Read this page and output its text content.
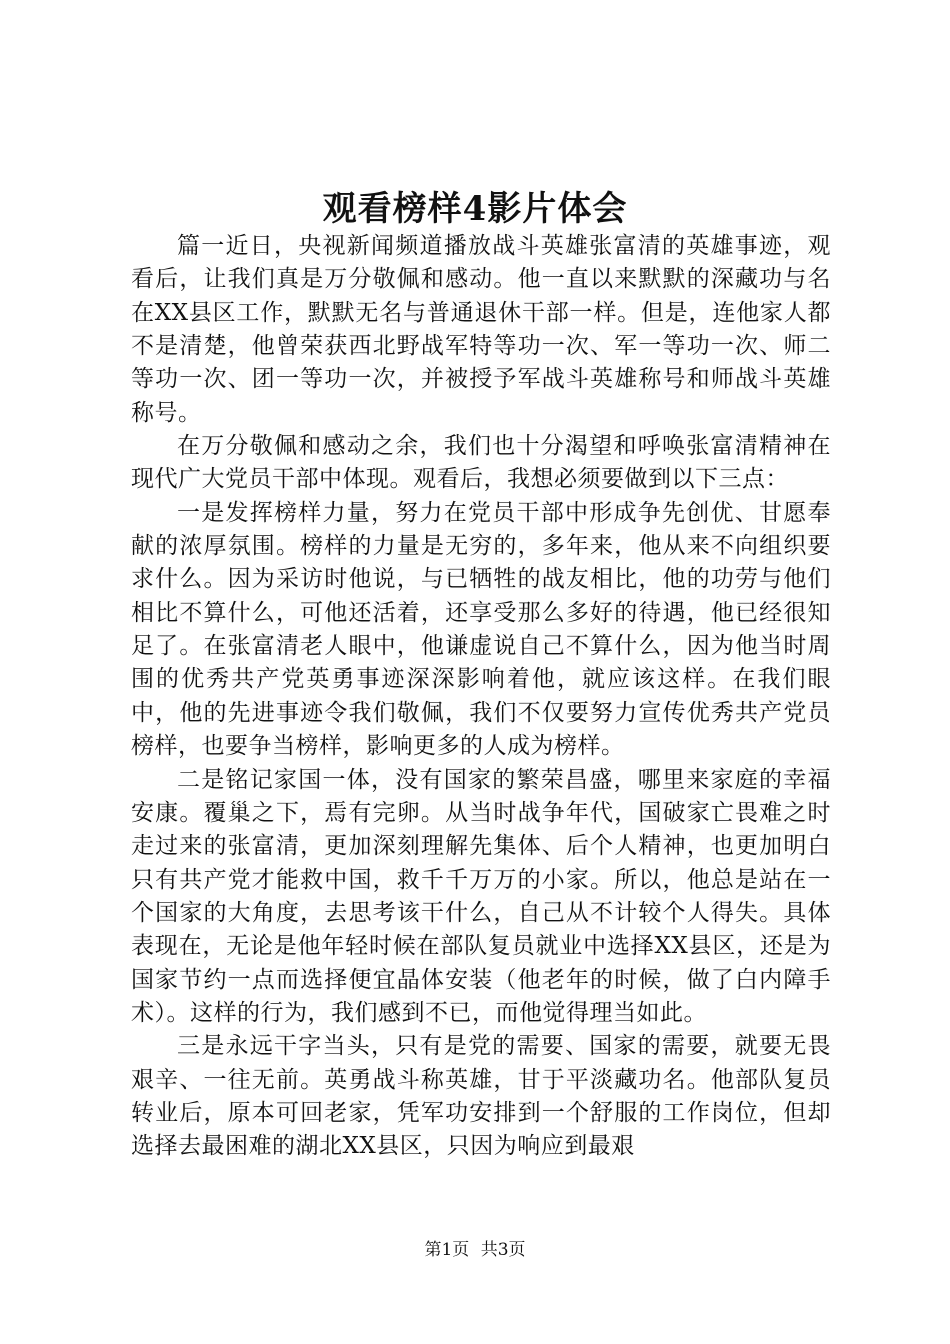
观看榜样4影片体会

篇一近日，央视新闻频道播放战斗英雄张富清的英雄事迹，观看后，让我们真是万分敬佩和感动。他一直以来默默的深藏功与名在XX县区工作，默默无名与普通退休干部一样。但是，连他家人都不是清楚，他曾荣获西北野战军特等功一次、军一等功一次、师二等功一次、团一等功一次，并被授予军战斗英雄称号和师战斗英雄称号。

在万分敬佩和感动之余，我们也十分渴望和呼唤张富清精神在现代广大党员干部中体现。观看后，我想必须要做到以下三点：

一是发挥榜样力量，努力在党员干部中形成争先创优、甘愿奉献的浓厚氛围。榜样的力量是无穷的，多年来，他从来不向组织要求什么。因为采访时他说，与已牺牲的战友相比，他的功劳与他们相比不算什么，可他还活着，还享受那么多好的待遇，他已经很知足了。在张富清老人眼中，他谦虚说自己不算什么，因为他当时周围的优秀共产党英勇事迹深深影响着他，就应该这样。在我们眼中，他的先进事迹令我们敬佩，我们不仅要努力宣传优秀共产党员榜样，也要争当榜样，影响更多的人成为榜样。

二是铭记家国一体，没有国家的繁荣昌盛，哪里来家庭的幸福安康。覆巢之下，焉有完卵。从当时战争年代，国破家亡畏难之时走过来的张富清，更加深刻理解先集体、后个人精神，也更加明白只有共产党才能救中国，救千千万万的小家。所以，他总是站在一个国家的大角度，去思考该干什么，自己从不计较个人得失。具体表现在，无论是他年轻时候在部队复员就业中选择XX县区，还是为国家节约一点而选择便宜晶体安装（他老年的时候，做了白内障手术）。这样的行为，我们感到不已，而他觉得理当如此。

三是永远干字当头，只有是党的需要、国家的需要，就要无畏艰辛、一往无前。英勇战斗称英雄，甘于平淡藏功名。他部队复员转业后，原本可回老家，凭军功安排到一个舒服的工作岗位，但却选择去最困难的湖北XX县区，只因为响应到最艰

第1页 共3页
